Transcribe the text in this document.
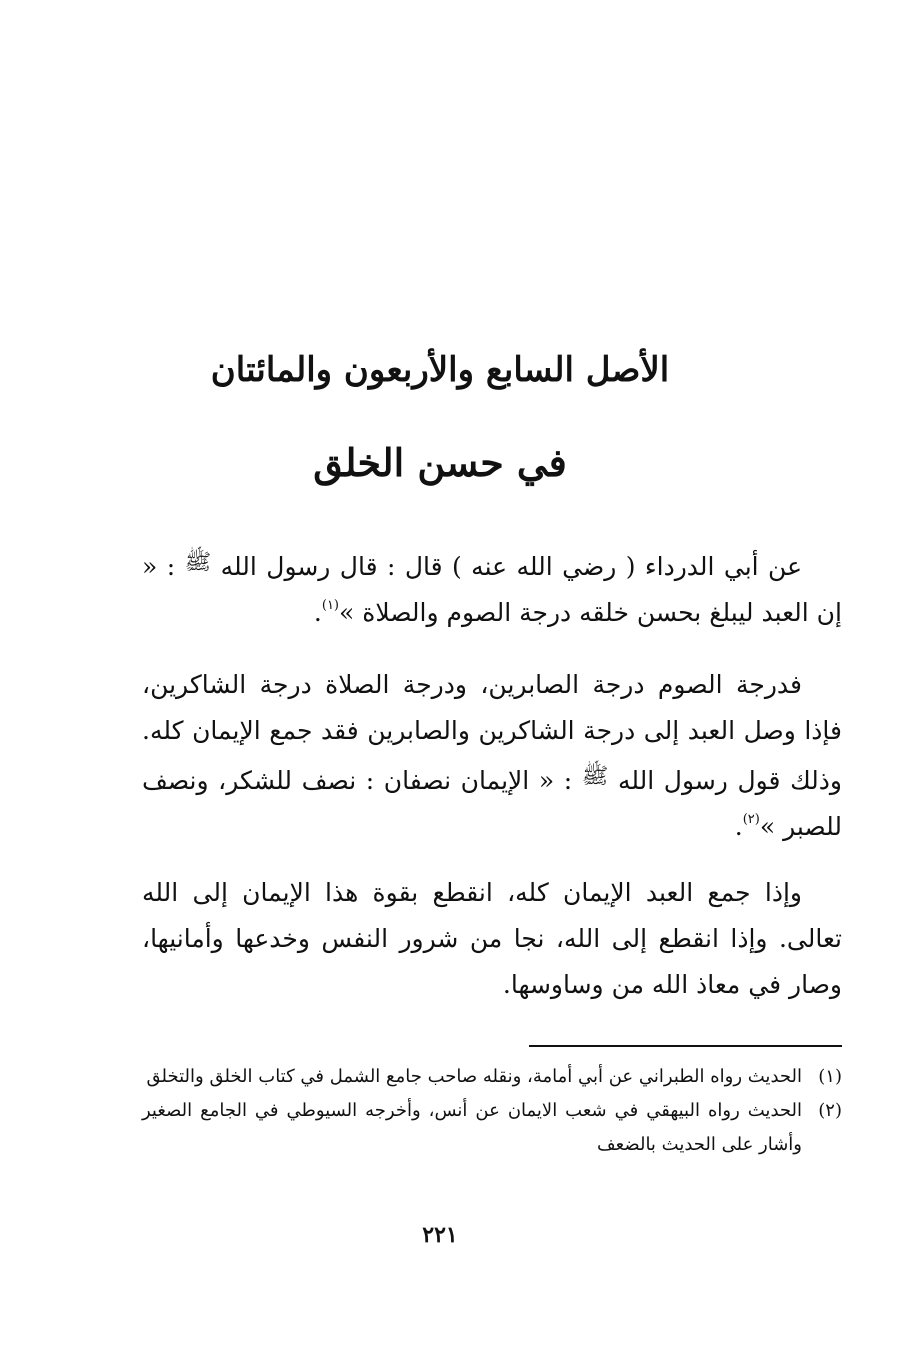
الأصل السابع والأربعون والمائتان
في حسن الخلق

عن أبي الدرداء ( رضي الله عنه ) قال : قال رسول الله ﷺ : « إن العبد ليبلغ بحسن خلقه درجة الصوم والصلاة »$^{(١)}$.

فدرجة الصوم درجة الصابرين، ودرجة الصلاة درجة الشاكرين، فإذا وصل العبد إلى درجة الشاكرين والصابرين فقد جمع الإيمان كله. وذلك قول رسول الله ﷺ : « الإيمان نصفان : نصف للشكر، ونصف للصبر »$^{(٢)}$.

وإذا جمع العبد الإيمان كله، انقطع بقوة هذا الإيمان إلى الله تعالى. وإذا انقطع إلى الله، نجا من شرور النفس وخدعها وأمانيها، وصار في معاذ الله من وساوسها.

(١)
الحديث رواه الطبراني عن أبي أمامة، ونقله صاحب جامع الشمل في كتاب الخلق والتخلق
(٢)
الحديث رواه البيهقي في شعب الايمان عن أنس، وأخرجه السيوطي في الجامع الصغير وأشار على الحديث بالضعف
٢٢١
